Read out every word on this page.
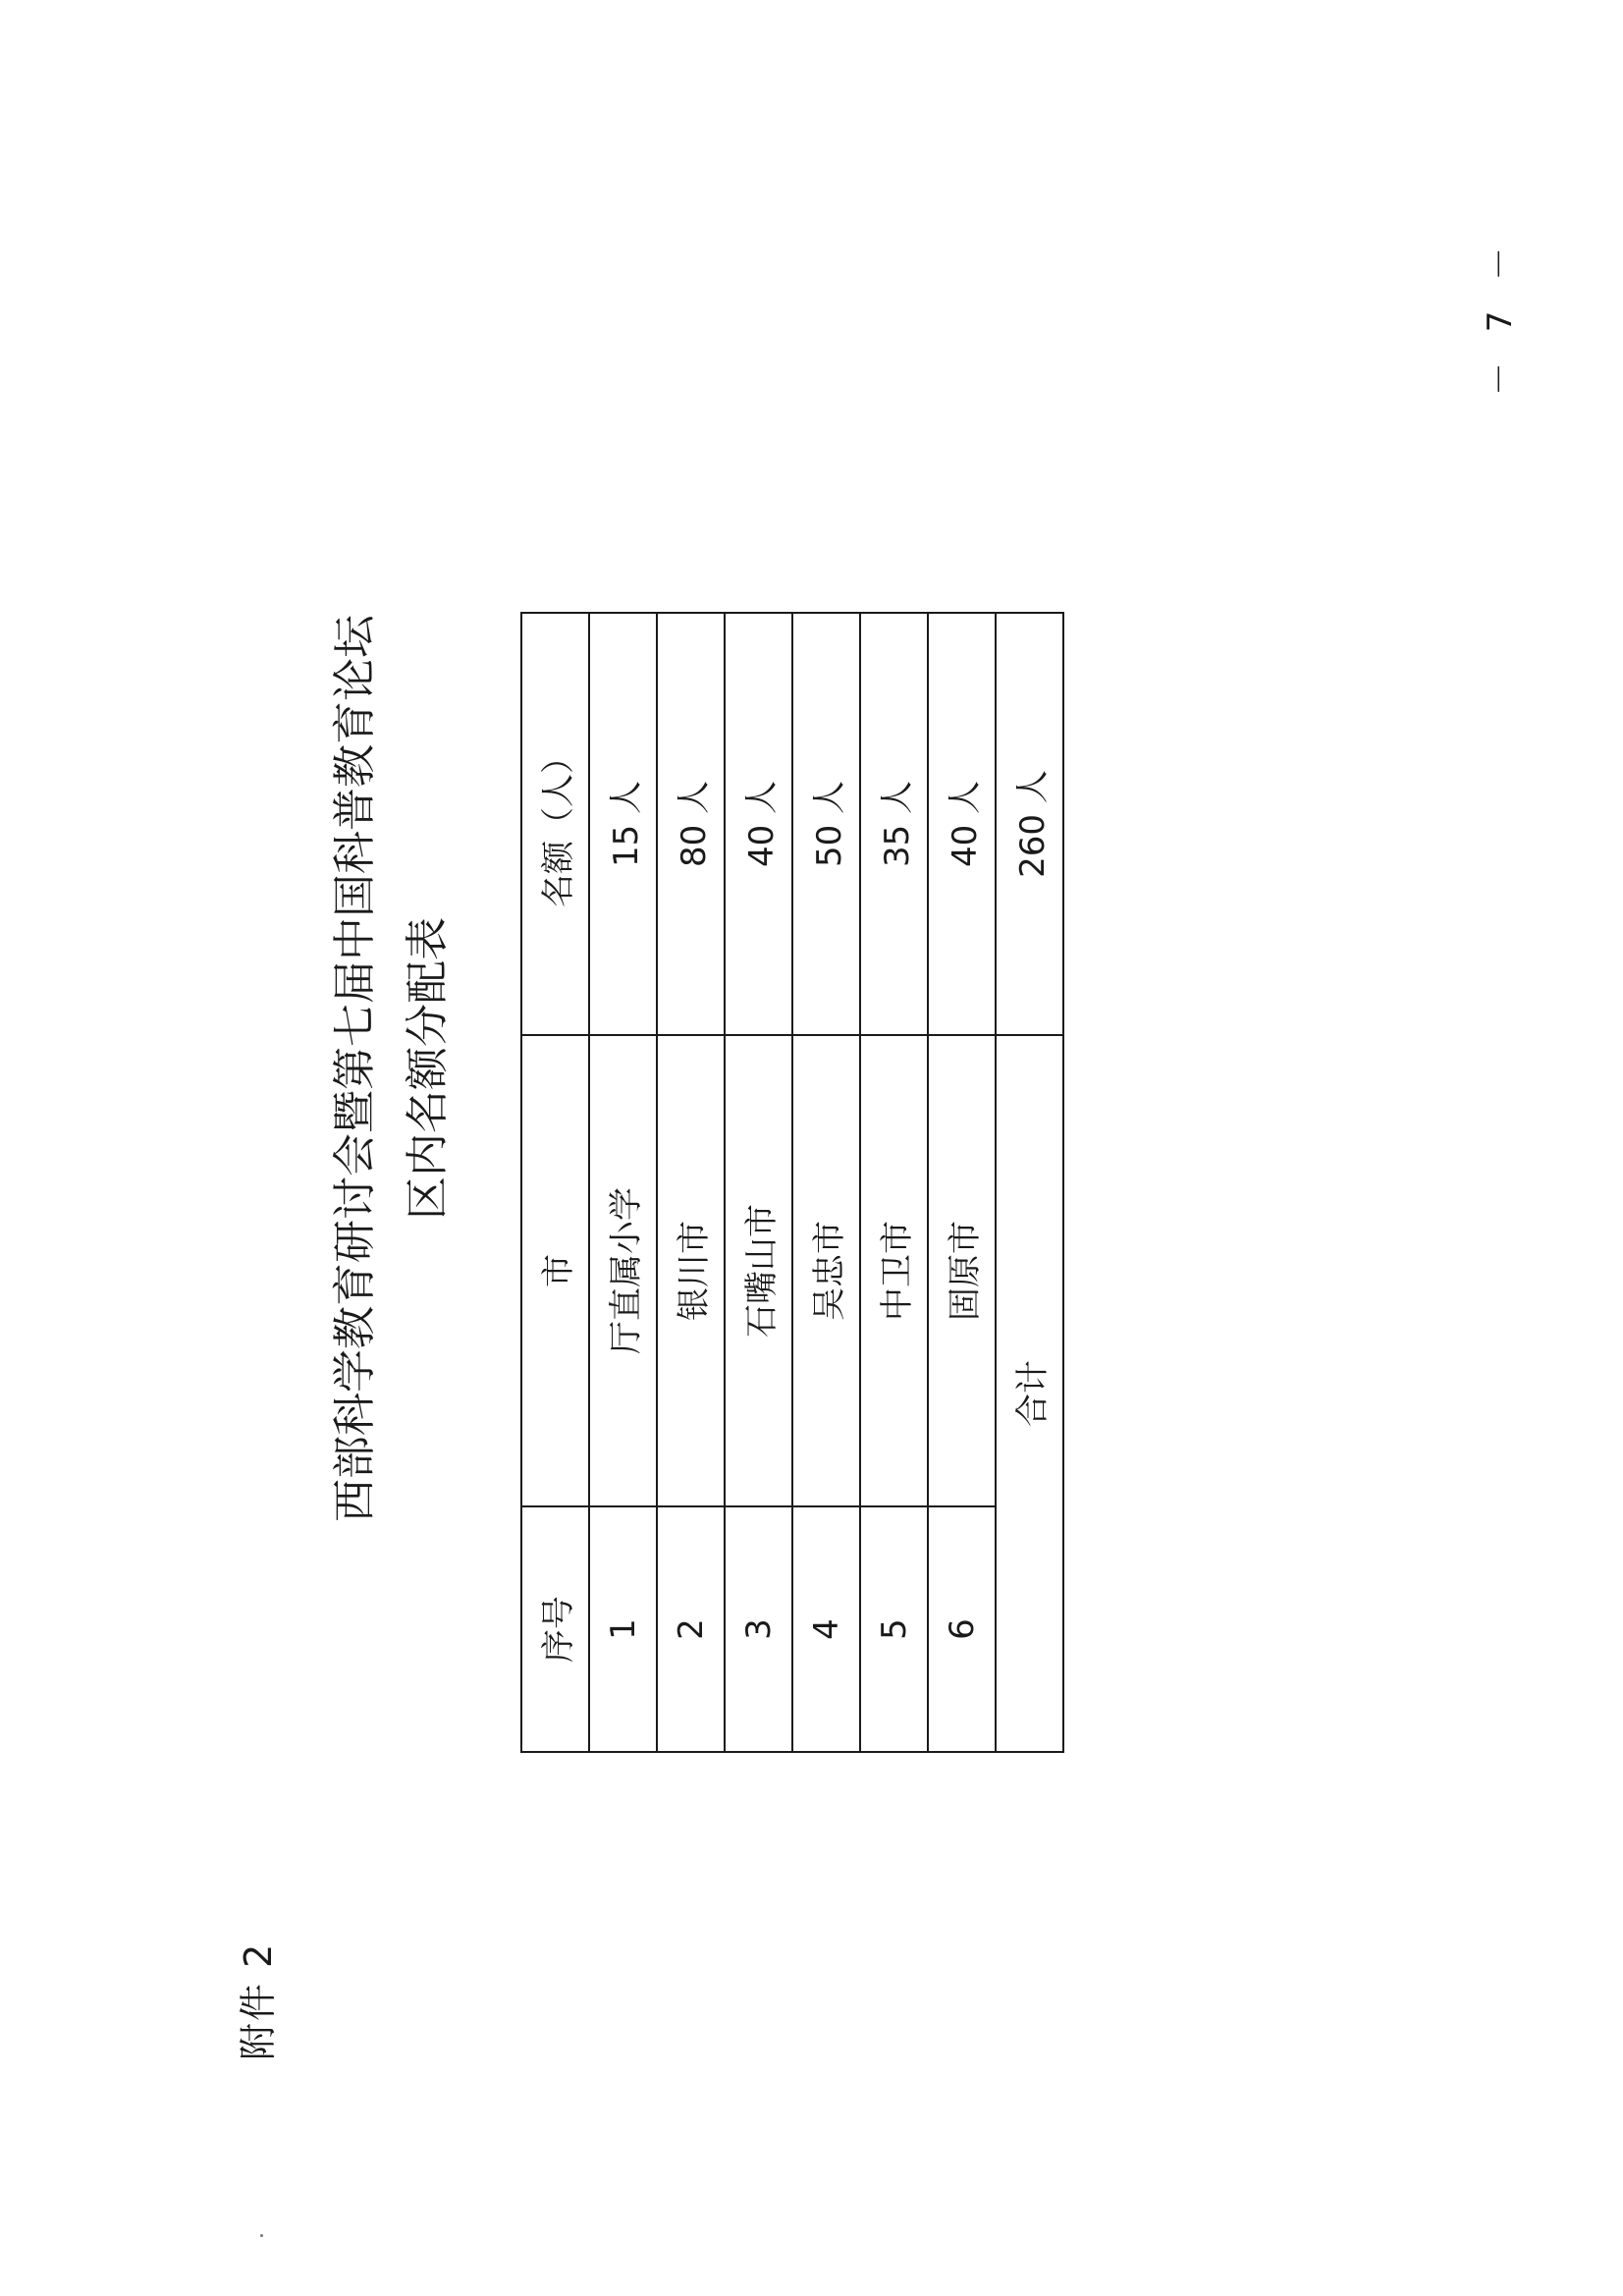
附件 2
西部科学教育研讨会暨第七届中国科普教育论坛 区内名额分配表
序号	市	名额（人）
1	厅直属小学	15 人
2	银川市	80 人
3	石嘴山市	40 人
4	吴忠市	50 人
5	中卫市	35 人
6	固原市	40 人
合计		260 人
－ 7 －
